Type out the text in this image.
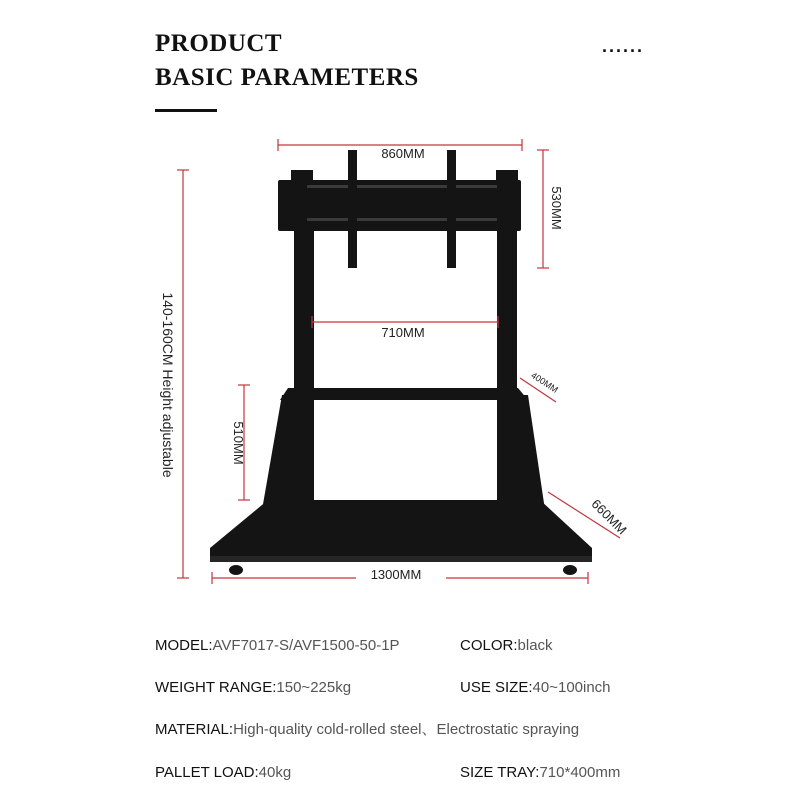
PRODUCT
BASIC PARAMETERS
......
860MM
710MM
530MM
400MM
510MM
660MM
1300MM
140-160CM Height adjustable
MODEL:AVF7017-S/AVF1500-50-1P	COLOR:black
WEIGHT RANGE:150~225kg	USE SIZE:40~100inch
MATERIAL:High-quality cold-rolled steel、Electrostatic spraying
PALLET LOAD:40kg	SIZE TRAY:710*400mm
